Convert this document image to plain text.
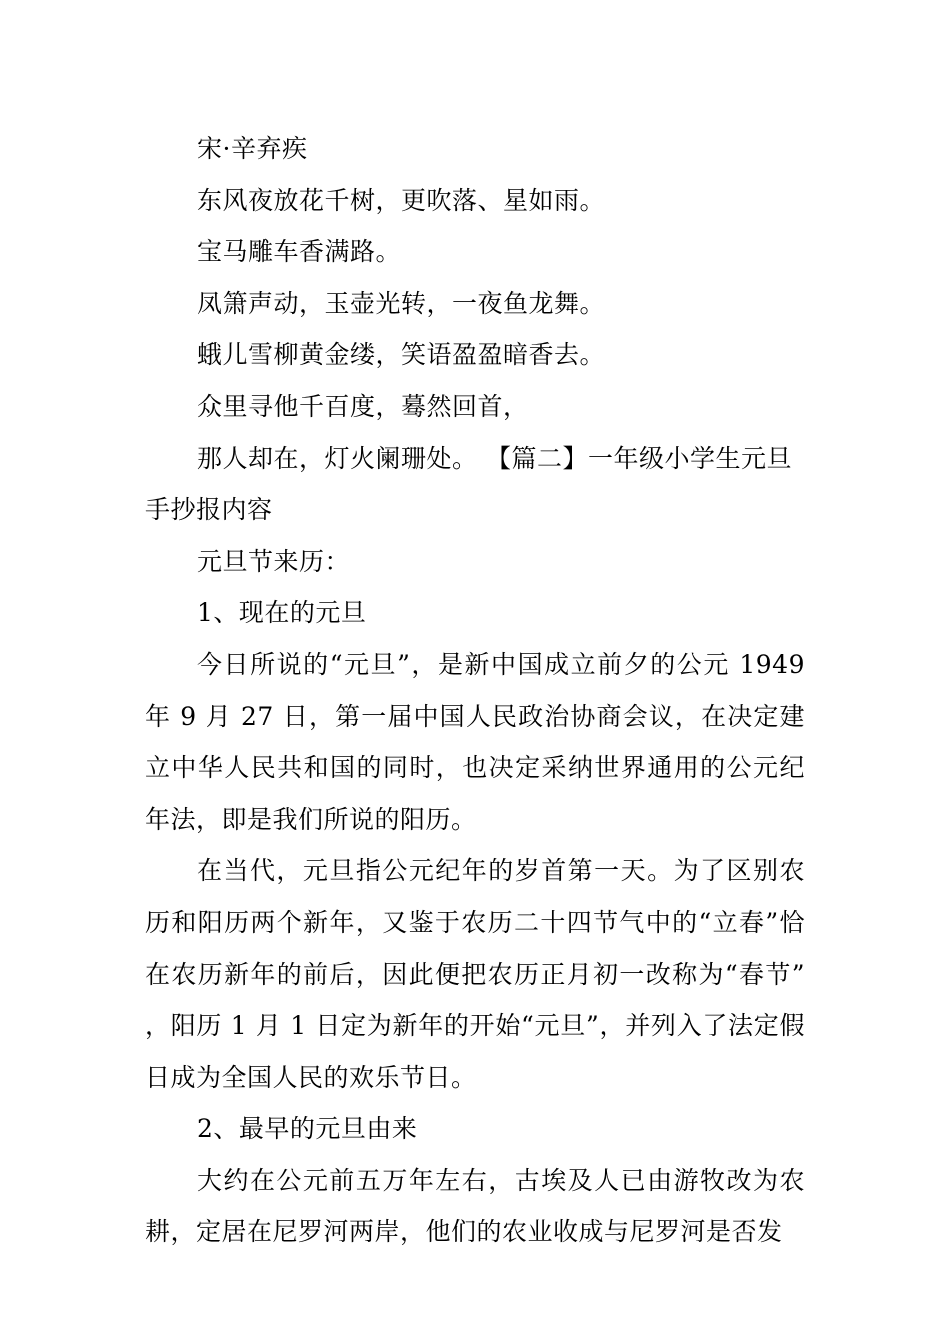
宋·辛弃疾
东风夜放花千树，更吹落、星如雨。
宝马雕车香满路。
凤箫声动，玉壶光转，一夜鱼龙舞。
蛾儿雪柳黄金缕，笑语盈盈暗香去。
众里寻他千百度，蓦然回首，
那人却在，灯火阑珊处。 【篇二】一年级小学生元旦
手抄报内容
元旦节来历：
1、现在的元旦
今日所说的“元旦”，是新中国成立前夕的公元 1949 年 9 月 27 日，第一届中国人民政治协商会议，在决定建立中华人民共和国的同时，也决定采纳世界通用的公元纪年法，即是我们所说的阳历。
在当代，元旦指公元纪年的岁首第一天。为了区别农历和阳历两个新年，又鉴于农历二十四节气中的“立春”恰在农历新年的前后，因此便把农历正月初一改称为“春节”，阳历 1 月 1 日定为新年的开始“元旦”，并列入了法定假日成为全国人民的欢乐节日。
2、最早的元旦由来
大约在公元前五万年左右，古埃及人已由游牧改为农耕，定居在尼罗河两岸，他们的农业收成与尼罗河是否发
